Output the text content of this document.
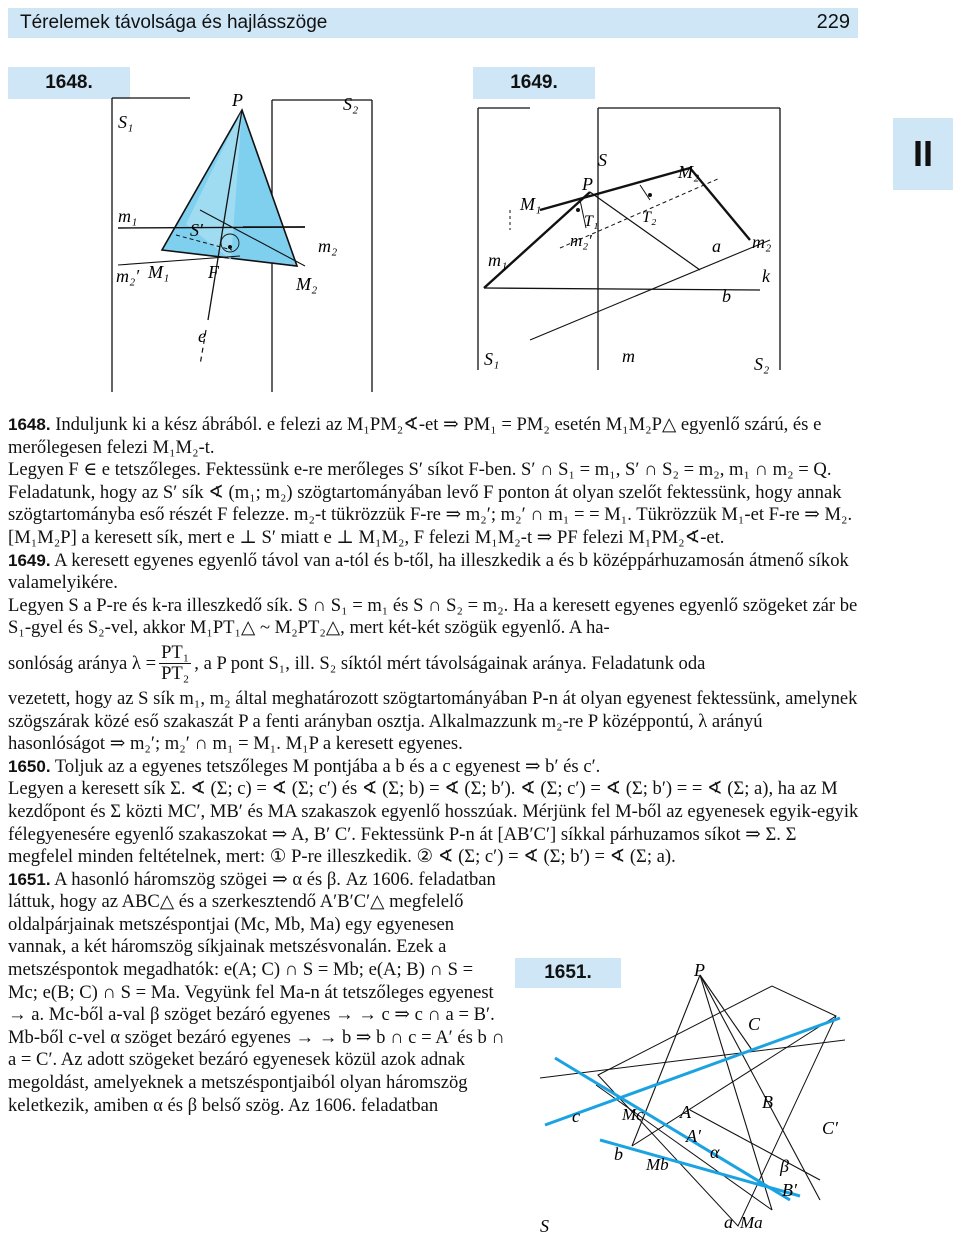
Térelemek távolsága és hajlásszöge	229
II
1648.
S₁
P	S₂
m₁
m₂
m₂′ M₁ F
M₂
S′
e
1649.
S
M₂
P
M₁
T₁	T₂
m₂′
m₁
a m₂
k
b
S₁	m	S₂
1651.	P
C
B
A
A′	C′
B′
Mc
Mb
Ma
c
b
a
α
β
S

1648. Induljunk ki a kész ábrából. e felezi az M₁PM₂∢-et ⇒ PM₁ = PM₂ esetén M₁M₂P△ egyenlő szárú, és e merőlegesen felezi M₁M₂-t.

Legyen F ∈ e tetszőleges. Fektessünk e-re merőleges S′ síkot F-ben. S′ ∩ S₁ = m₁, S′ ∩ S₂ = m₂, m₁ ∩ m₂ = Q.

Feladatunk, hogy az S′ sík ∢ (m₁; m₂) szögtartományában levő F ponton át olyan szelőt fektessünk, hogy annak szögtartományba eső részét F felezze. m₂-t tükrözzük F-re ⇒ m₂′; m₂′ ∩ m₁ = = M₁. Tükrözzük M₁-et F-re ⇒ M₂. [M₁M₂P] a keresett sík, mert e ⊥ S′ miatt e ⊥ M₁M₂, F felezi M₁M₂-t ⇒ PF felezi M₁PM₂∢-et.

1649. A keresett egyenes egyenlő távol van a-tól és b-től, ha illeszkedik a és b középpárhuzamosán átmenő síkok valamelyikére.

Legyen S a P-re és k-ra illeszkedő sík. S ∩ S₁ = m₁ és S ∩ S₂ = m₂. Ha a keresett egyenes egyenlő szögeket zár be S₁-gyel és S₂-vel, akkor M₁PT₁△ ~ M₂PT₂△, mert két-két szögük egyenlő. A ha-

sonlóság aránya $\lambda = \frac{\text{PT₁}}{\text{PT₂}}$ , a P pont S₁, ill. S₂ síktól mért távolságainak aránya. Feladatunk oda

vezetett, hogy az S sík m₁, m₂ által meghatározott szögtartományában P-n át olyan egyenest fektessünk, amelynek szögszárak közé eső szakaszát P a fenti arányban osztja. Alkalmazzunk m₂-re P középpontú, λ arányú hasonlóságot ⇒ m₂′; m₂′ ∩ m₁ = M₁. M₁P a keresett egyenes.

1650. Toljuk az a egyenes tetszőleges M pontjába a b és a c egyenest ⇒ b′ és c′.

Legyen a keresett sík Σ. ∢ (Σ; c) = ∢ (Σ; c′) és ∢ (Σ; b) = ∢ (Σ; b′). ∢ (Σ; c′) = ∢ (Σ; b′) = = ∢ (Σ; a), ha az M kezdőpont és Σ közti MC′, MB′ és MA szakaszok egyenlő hosszúak. Mérjünk fel M-ből az egyenesek egyik-egyik félegyenesére egyenlő szakaszokat ⇒ A, B′ C′. Fektessünk P-n át [AB′C′] síkkal párhuzamos síkot ⇒ Σ. Σ megfelel minden feltételnek, mert: ① P-re illeszkedik. ② ∢ (Σ; c′) = ∢ (Σ; b′) = ∢ (Σ; a).

1651. A hasonló háromszög szögei ⇒ α és β. Az 1606. feladatban láttuk, hogy az ABC△ és a szerkesztendő A′B′C′△ megfelelő oldalpárjainak metszéspontjai (Mc, Mb, Ma) egy egyenesen vannak, a két háromszög síkjainak metszésvonalán. Ezek a metszéspontok megadhatók: e(A; C) ∩ S = Mb; e(A; B) ∩ S = Mc; e(B; C) ∩ S = Ma. Vegyünk fel Ma-n át tetszőleges egyenest → a. Mc-ből a-val β szöget bezáró egyenes → → c ⇒ c ∩ a = B′. Mb-ből c-vel α szöget bezáró egyenes → → b ⇒ b ∩ c = A′ és b ∩ a = C′. Az adott szögeket bezáró egyenesek közül azok adnak megoldást, amelyeknek a metszéspontjaiból olyan háromszög keletkezik, amiben α és β belső szög. Az 1606. feladatban
